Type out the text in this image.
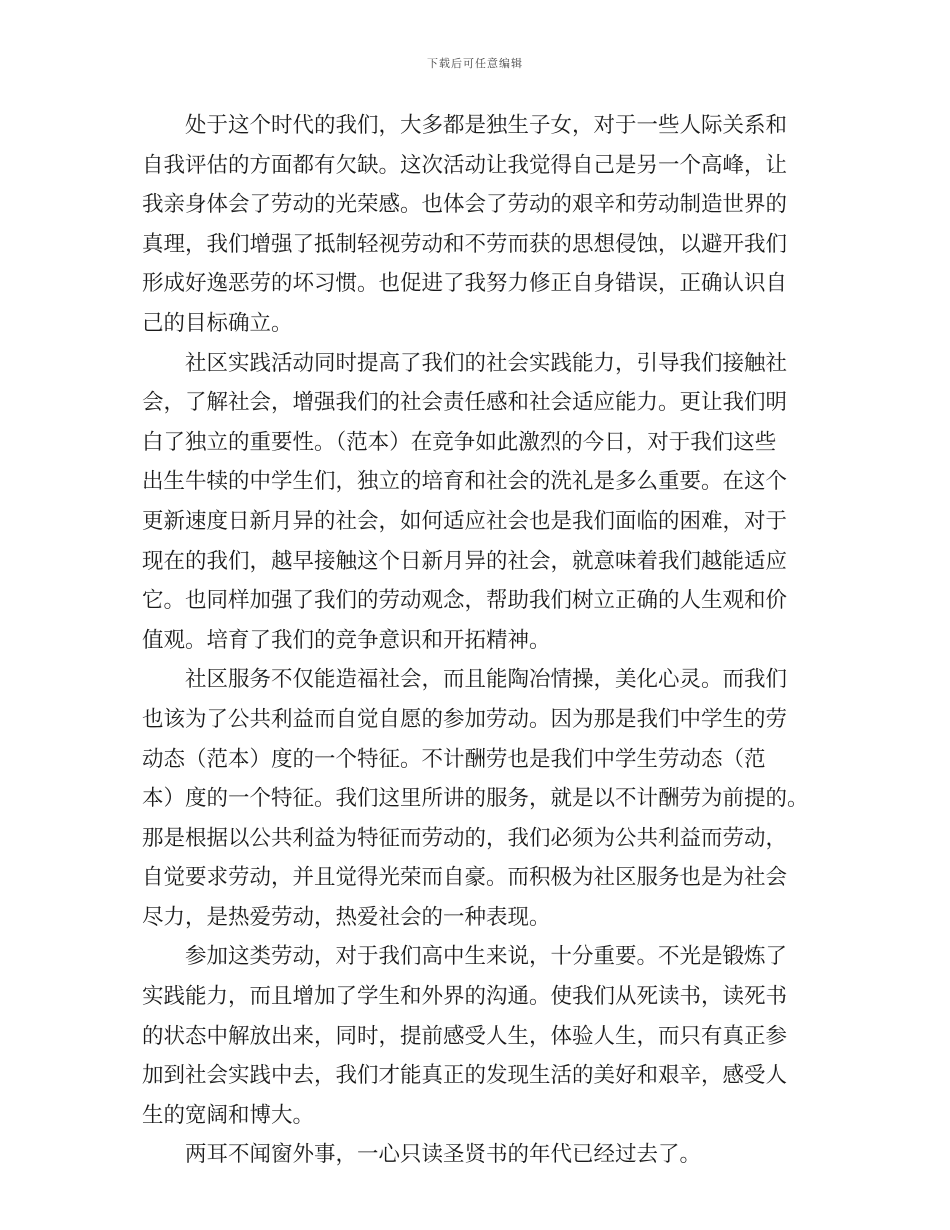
下载后可任意编辑
　　处于这个时代的我们，大多都是独生子女，对于一些人际关系和
自我评估的方面都有欠缺。这次活动让我觉得自己是另一个高峰，让
我亲身体会了劳动的光荣感。也体会了劳动的艰辛和劳动制造世界的
真理，我们增强了抵制轻视劳动和不劳而获的思想侵蚀，以避开我们
形成好逸恶劳的坏习惯。也促进了我努力修正自身错误，正确认识自
己的目标确立。
　　社区实践活动同时提高了我们的社会实践能力，引导我们接触社
会，了解社会，增强我们的社会责任感和社会适应能力。更让我们明
白了独立的重要性。（范本）在竞争如此激烈的今日，对于我们这些
出生牛犊的中学生们，独立的培育和社会的洗礼是多么重要。在这个
更新速度日新月异的社会，如何适应社会也是我们面临的困难，对于
现在的我们，越早接触这个日新月异的社会，就意味着我们越能适应
它。也同样加强了我们的劳动观念，帮助我们树立正确的人生观和价
值观。培育了我们的竞争意识和开拓精神。
　　社区服务不仅能造福社会，而且能陶冶情操，美化心灵。而我们
也该为了公共利益而自觉自愿的参加劳动。因为那是我们中学生的劳
动态（范本）度的一个特征。不计酬劳也是我们中学生劳动态（范
本）度的一个特征。我们这里所讲的服务，就是以不计酬劳为前提的。
那是根据以公共利益为特征而劳动的，我们必须为公共利益而劳动，
自觉要求劳动，并且觉得光荣而自豪。而积极为社区服务也是为社会
尽力，是热爱劳动，热爱社会的一种表现。
　　参加这类劳动，对于我们高中生来说，十分重要。不光是锻炼了
实践能力，而且增加了学生和外界的沟通。使我们从死读书，读死书
的状态中解放出来，同时，提前感受人生，体验人生，而只有真正参
加到社会实践中去，我们才能真正的发现生活的美好和艰辛，感受人
生的宽阔和博大。
　　两耳不闻窗外事，一心只读圣贤书的年代已经过去了。
